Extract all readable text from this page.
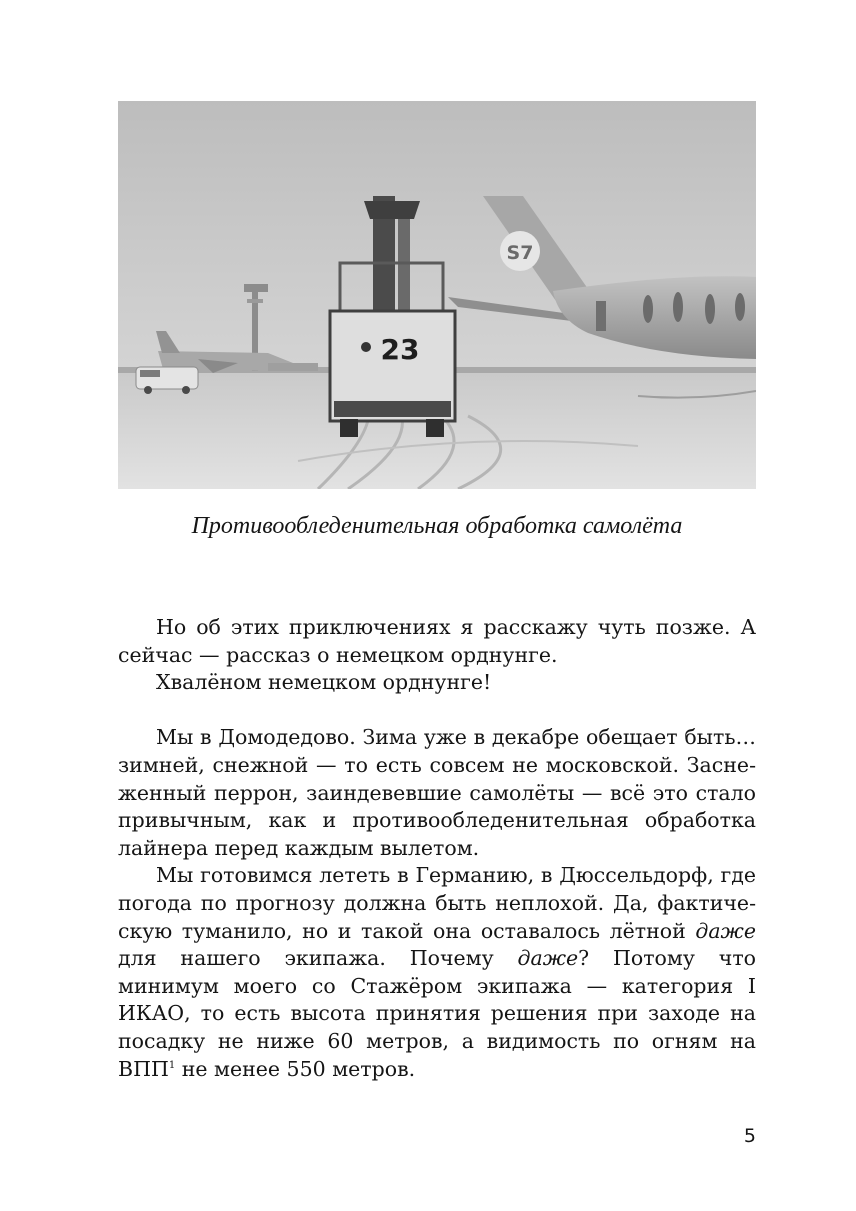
S7
23
Противообледенительная обработка самолёта

Но об этих приключениях я расскажу чуть позже. А сейчас — рассказ о немецком орднунге.

Хвалёном немецком орднунге!

Мы в Домодедово. Зима уже в декабре обещает быть… зимней, снежной — то есть совсем не московской. Заснеженный перрон, заиндевевшие самолёты — всё это стало привычным, как и противообледенительная обработка лайнера перед каждым вылетом.

Мы готовимся лететь в Германию, в Дюссельдорф, где погода по прогнозу должна быть неплохой. Да, фактическую туманило, но и такой она оставалось лётной даже для нашего экипажа. Почему даже? Потому что минимум моего со Стажёром экипажа — категория I ИКАО, то есть высота принятия решения при заходе на посадку не ниже 60 метров, а видимость по огням на ВПП$^1$ не менее 550 метров.

5
